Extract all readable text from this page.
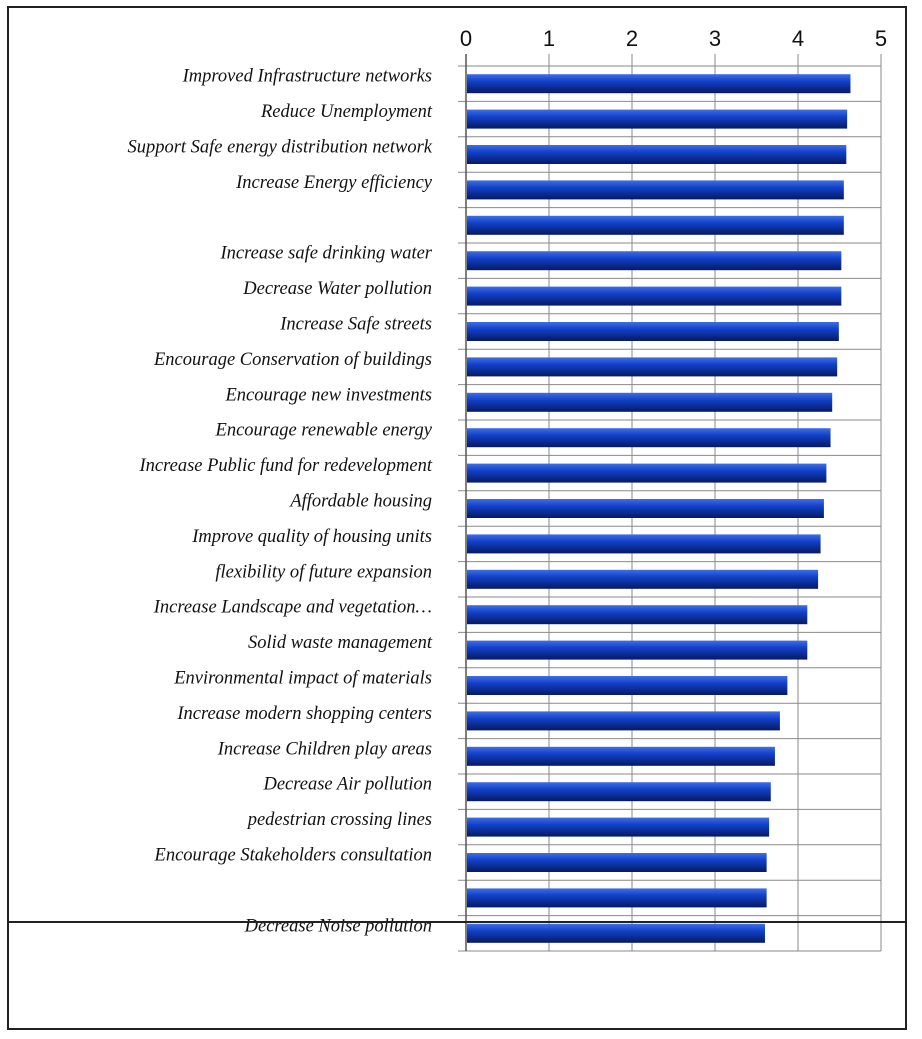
0	1	2	3	4	5
Improved Infrastructure networks
Reduce Unemployment
Support Safe energy distribution network
Increase Energy efficiency
Increase safe drinking water
Decrease Water pollution
Increase Safe streets
Encourage Conservation of buildings
Encourage new investments
Encourage renewable energy
Increase Public fund for redevelopment
Affordable housing
Improve quality of housing units
flexibility of future expansion
Increase Landscape and vegetation…
Solid waste management
Environmental impact of materials
Increase modern shopping centers
Increase Children play areas
Decrease Air pollution
pedestrian crossing lines
Encourage Stakeholders consultation
Decrease Noise pollution
